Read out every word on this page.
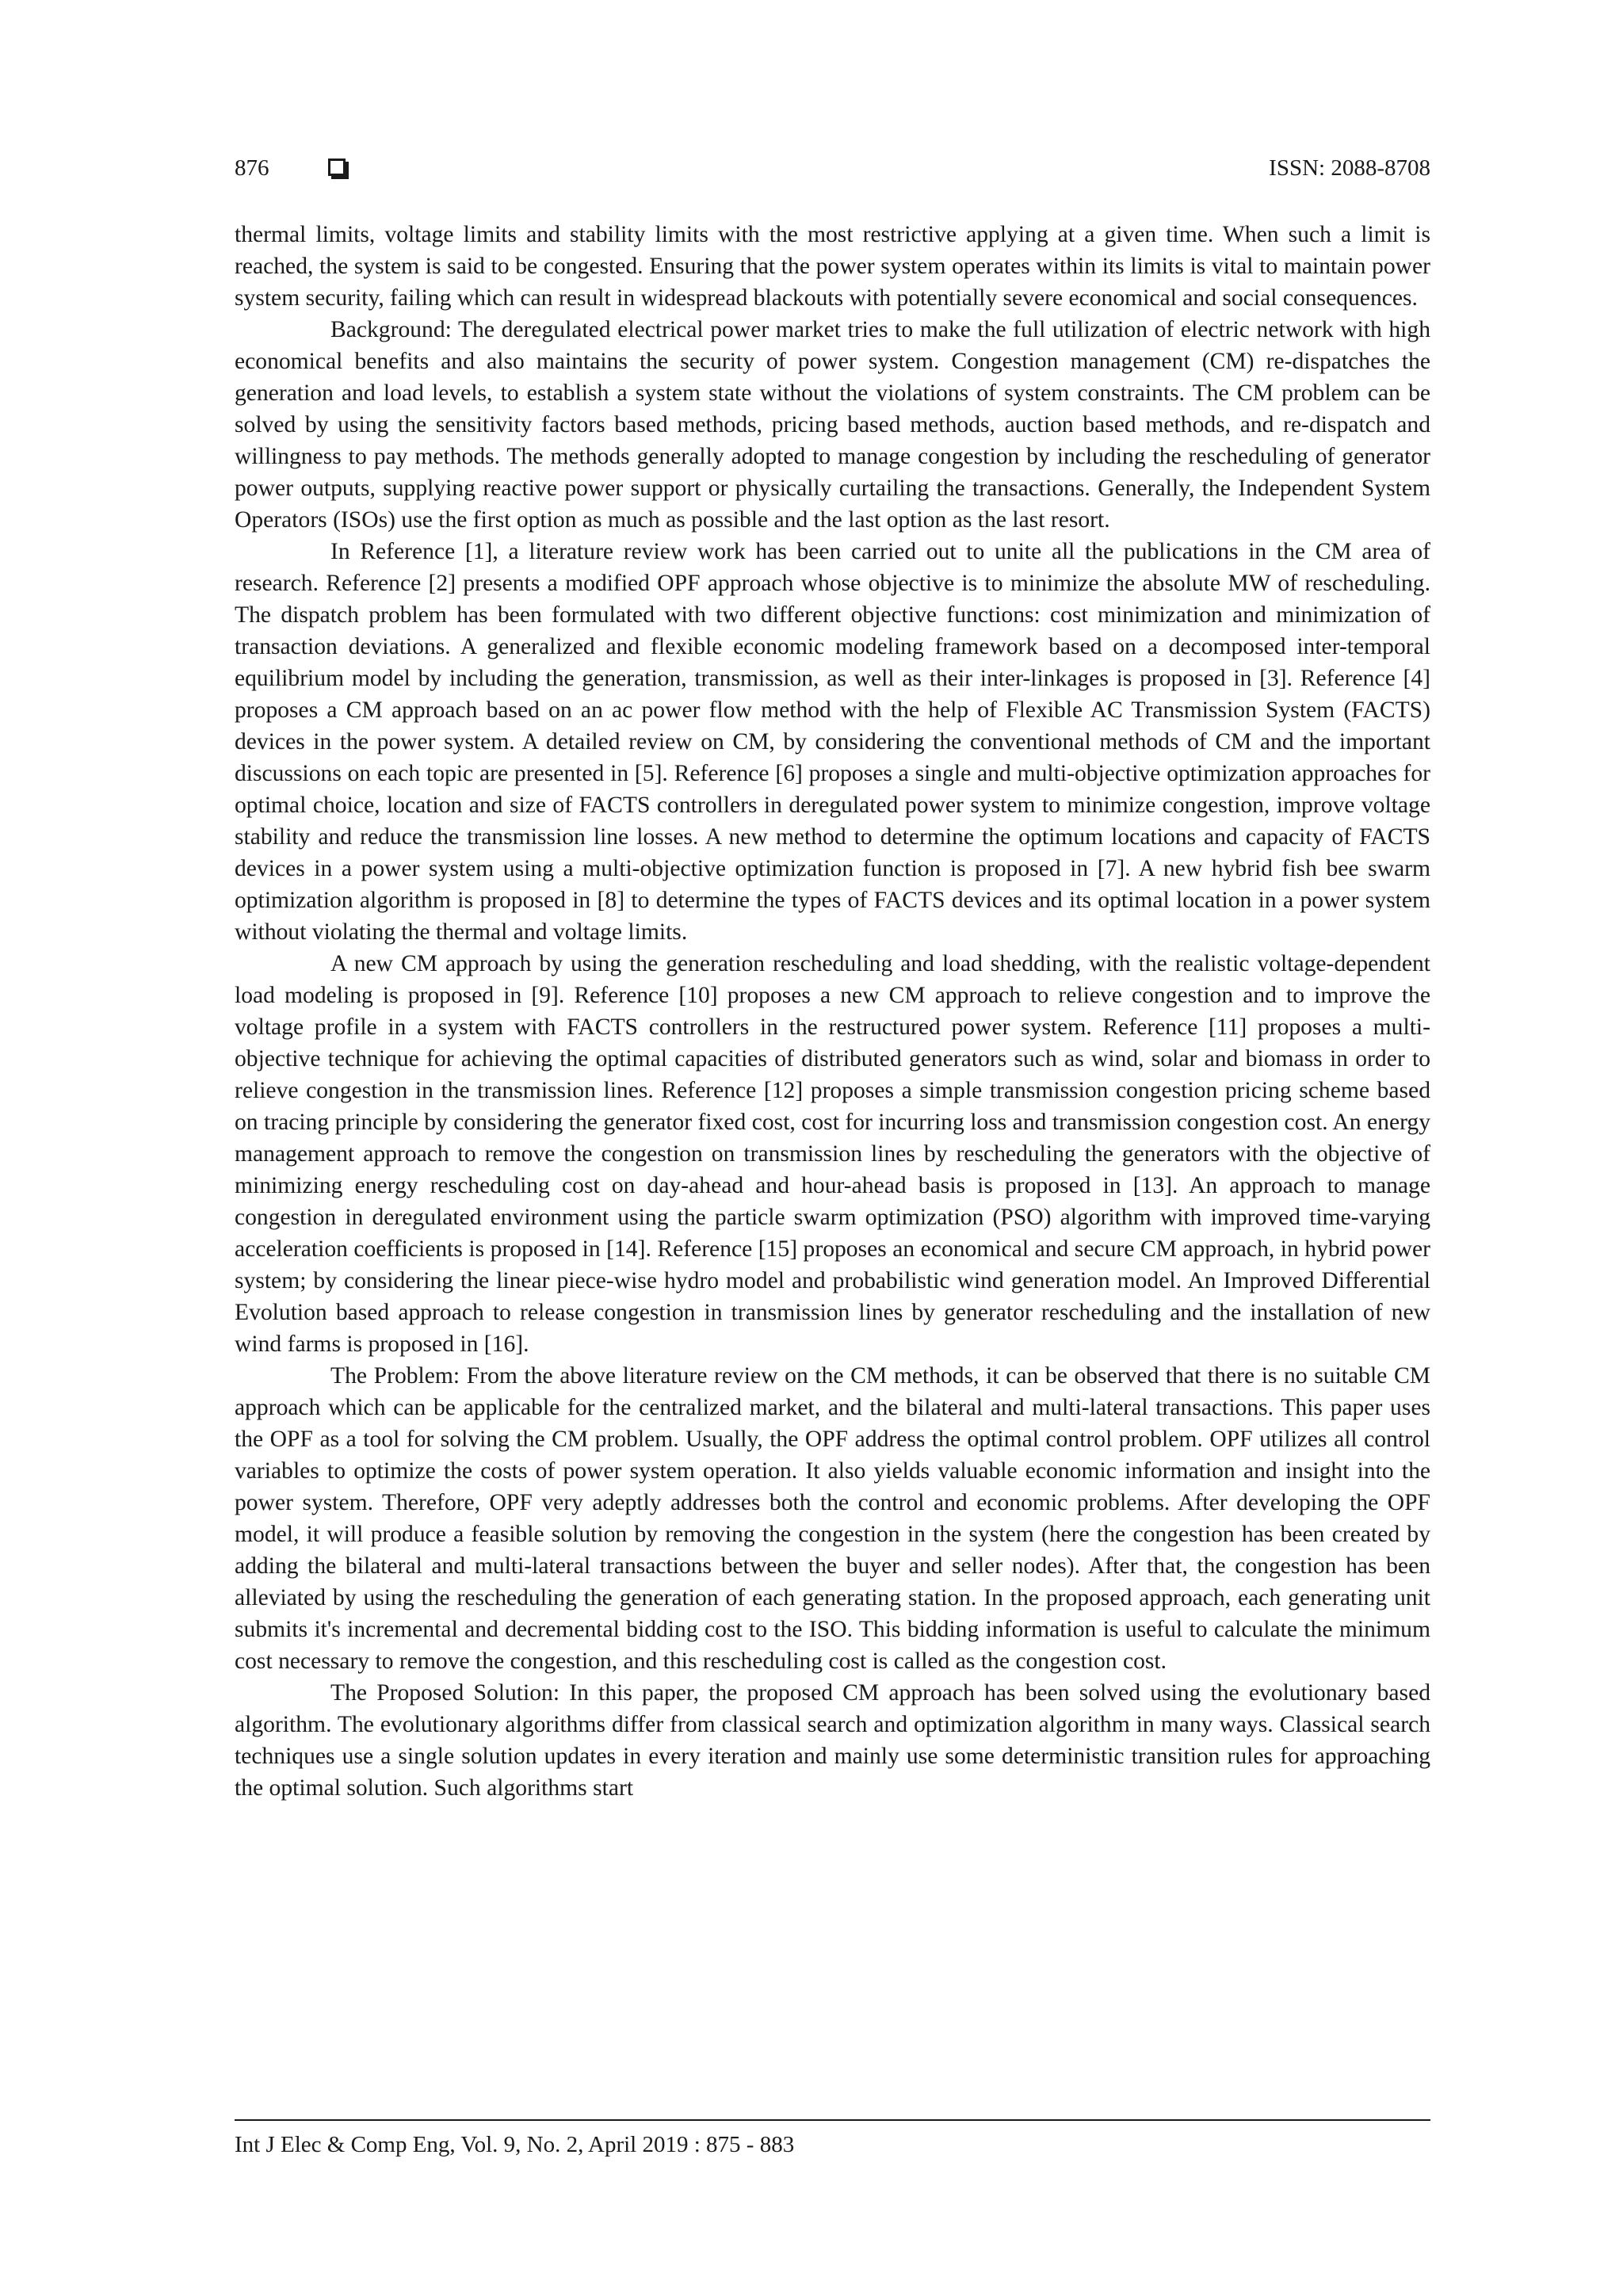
876	ISSN: 2088-8708

thermal limits, voltage limits and stability limits with the most restrictive applying at a given time. When such a limit is reached, the system is said to be congested. Ensuring that the power system operates within its limits is vital to maintain power system security, failing which can result in widespread blackouts with potentially severe economical and social consequences.

Background: The deregulated electrical power market tries to make the full utilization of electric network with high economical benefits and also maintains the security of power system. Congestion management (CM) re-dispatches the generation and load levels, to establish a system state without the violations of system constraints. The CM problem can be solved by using the sensitivity factors based methods, pricing based methods, auction based methods, and re-dispatch and willingness to pay methods. The methods generally adopted to manage congestion by including the rescheduling of generator power outputs, supplying reactive power support or physically curtailing the transactions. Generally, the Independent System Operators (ISOs) use the first option as much as possible and the last option as the last resort.

In Reference [1], a literature review work has been carried out to unite all the publications in the CM area of research. Reference [2] presents a modified OPF approach whose objective is to minimize the absolute MW of rescheduling. The dispatch problem has been formulated with two different objective functions: cost minimization and minimization of transaction deviations. A generalized and flexible economic modeling framework based on a decomposed inter-temporal equilibrium model by including the generation, transmission, as well as their inter-linkages is proposed in [3]. Reference [4] proposes a CM approach based on an ac power flow method with the help of Flexible AC Transmission System (FACTS) devices in the power system. A detailed review on CM, by considering the conventional methods of CM and the important discussions on each topic are presented in [5]. Reference [6] proposes a single and multi-objective optimization approaches for optimal choice, location and size of FACTS controllers in deregulated power system to minimize congestion, improve voltage stability and reduce the transmission line losses. A new method to determine the optimum locations and capacity of FACTS devices in a power system using a multi-objective optimization function is proposed in [7]. A new hybrid fish bee swarm optimization algorithm is proposed in [8] to determine the types of FACTS devices and its optimal location in a power system without violating the thermal and voltage limits.

A new CM approach by using the generation rescheduling and load shedding, with the realistic voltage-dependent load modeling is proposed in [9]. Reference [10] proposes a new CM approach to relieve congestion and to improve the voltage profile in a system with FACTS controllers in the restructured power system. Reference [11] proposes a multi-objective technique for achieving the optimal capacities of distributed generators such as wind, solar and biomass in order to relieve congestion in the transmission lines. Reference [12] proposes a simple transmission congestion pricing scheme based on tracing principle by considering the generator fixed cost, cost for incurring loss and transmission congestion cost. An energy management approach to remove the congestion on transmission lines by rescheduling the generators with the objective of minimizing energy rescheduling cost on day-ahead and hour-ahead basis is proposed in [13]. An approach to manage congestion in deregulated environment using the particle swarm optimization (PSO) algorithm with improved time-varying acceleration coefficients is proposed in [14]. Reference [15] proposes an economical and secure CM approach, in hybrid power system; by considering the linear piece-wise hydro model and probabilistic wind generation model. An Improved Differential Evolution based approach to release congestion in transmission lines by generator rescheduling and the installation of new wind farms is proposed in [16].

The Problem: From the above literature review on the CM methods, it can be observed that there is no suitable CM approach which can be applicable for the centralized market, and the bilateral and multi-lateral transactions. This paper uses the OPF as a tool for solving the CM problem. Usually, the OPF address the optimal control problem. OPF utilizes all control variables to optimize the costs of power system operation. It also yields valuable economic information and insight into the power system. Therefore, OPF very adeptly addresses both the control and economic problems. After developing the OPF model, it will produce a feasible solution by removing the congestion in the system (here the congestion has been created by adding the bilateral and multi-lateral transactions between the buyer and seller nodes). After that, the congestion has been alleviated by using the rescheduling the generation of each generating station. In the proposed approach, each generating unit submits it's incremental and decremental bidding cost to the ISO. This bidding information is useful to calculate the minimum cost necessary to remove the congestion, and this rescheduling cost is called as the congestion cost.

The Proposed Solution: In this paper, the proposed CM approach has been solved using the evolutionary based algorithm. The evolutionary algorithms differ from classical search and optimization algorithm in many ways. Classical search techniques use a single solution updates in every iteration and mainly use some deterministic transition rules for approaching the optimal solution. Such algorithms start

Int J Elec & Comp Eng, Vol. 9, No. 2, April 2019 : 875 - 883
